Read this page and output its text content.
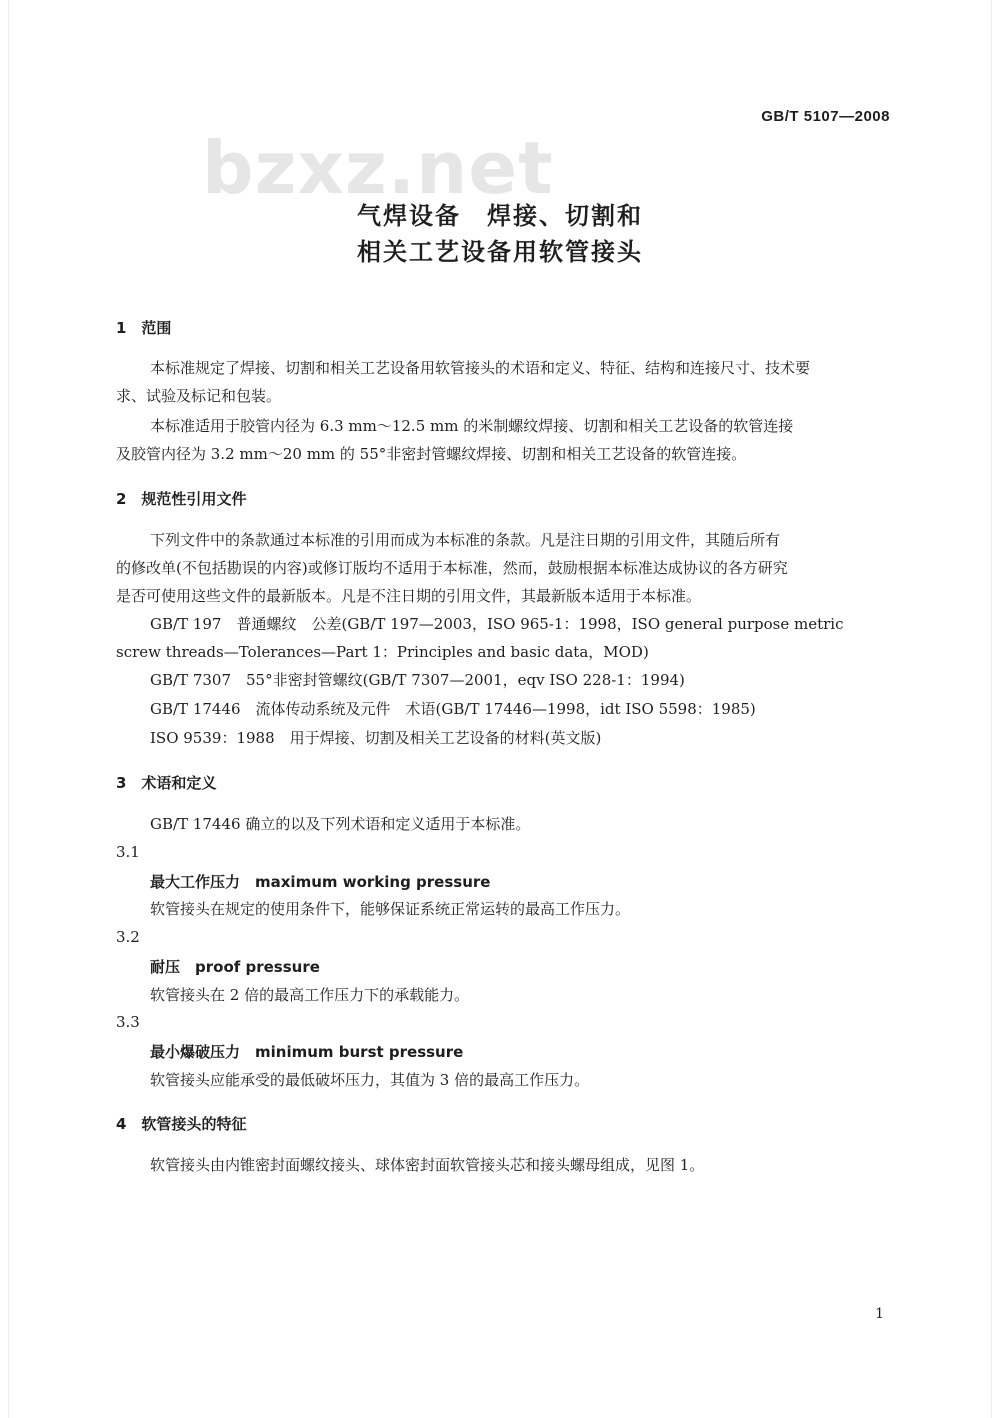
GB/T 5107—2008
bzxz.net
气焊设备　焊接、切割和
相关工艺设备用软管接头
1　范围
本标准规定了焊接、切割和相关工艺设备用软管接头的术语和定义、特征、结构和连接尺寸、技术要
求、试验及标记和包装。
本标准适用于胶管内径为 6.3 mm～12.5 mm 的米制螺纹焊接、切割和相关工艺设备的软管连接
及胶管内径为 3.2 mm～20 mm 的 55°非密封管螺纹焊接、切割和相关工艺设备的软管连接。
2　规范性引用文件
下列文件中的条款通过本标准的引用而成为本标准的条款。凡是注日期的引用文件，其随后所有
的修改单(不包括勘误的内容)或修订版均不适用于本标准，然而，鼓励根据本标准达成协议的各方研究
是否可使用这些文件的最新版本。凡是不注日期的引用文件，其最新版本适用于本标准。
GB/T 197　普通螺纹　公差(GB/T 197—2003，ISO 965-1：1998，ISO general purpose metric
screw threads—Tolerances—Part 1：Principles and basic data，MOD)
GB/T 7307　55°非密封管螺纹(GB/T 7307—2001，eqv ISO 228-1：1994)
GB/T 17446　流体传动系统及元件　术语(GB/T 17446—1998，idt ISO 5598：1985)
ISO 9539：1988　用于焊接、切割及相关工艺设备的材料(英文版)
3　术语和定义
GB/T 17446 确立的以及下列术语和定义适用于本标准。
3.1
最大工作压力　maximum working pressure
软管接头在规定的使用条件下，能够保证系统正常运转的最高工作压力。
3.2
耐压　proof pressure
软管接头在 2 倍的最高工作压力下的承载能力。
3.3
最小爆破压力　minimum burst pressure
软管接头应能承受的最低破坏压力，其值为 3 倍的最高工作压力。
4　软管接头的特征
软管接头由内锥密封面螺纹接头、球体密封面软管接头芯和接头螺母组成，见图 1。
1
